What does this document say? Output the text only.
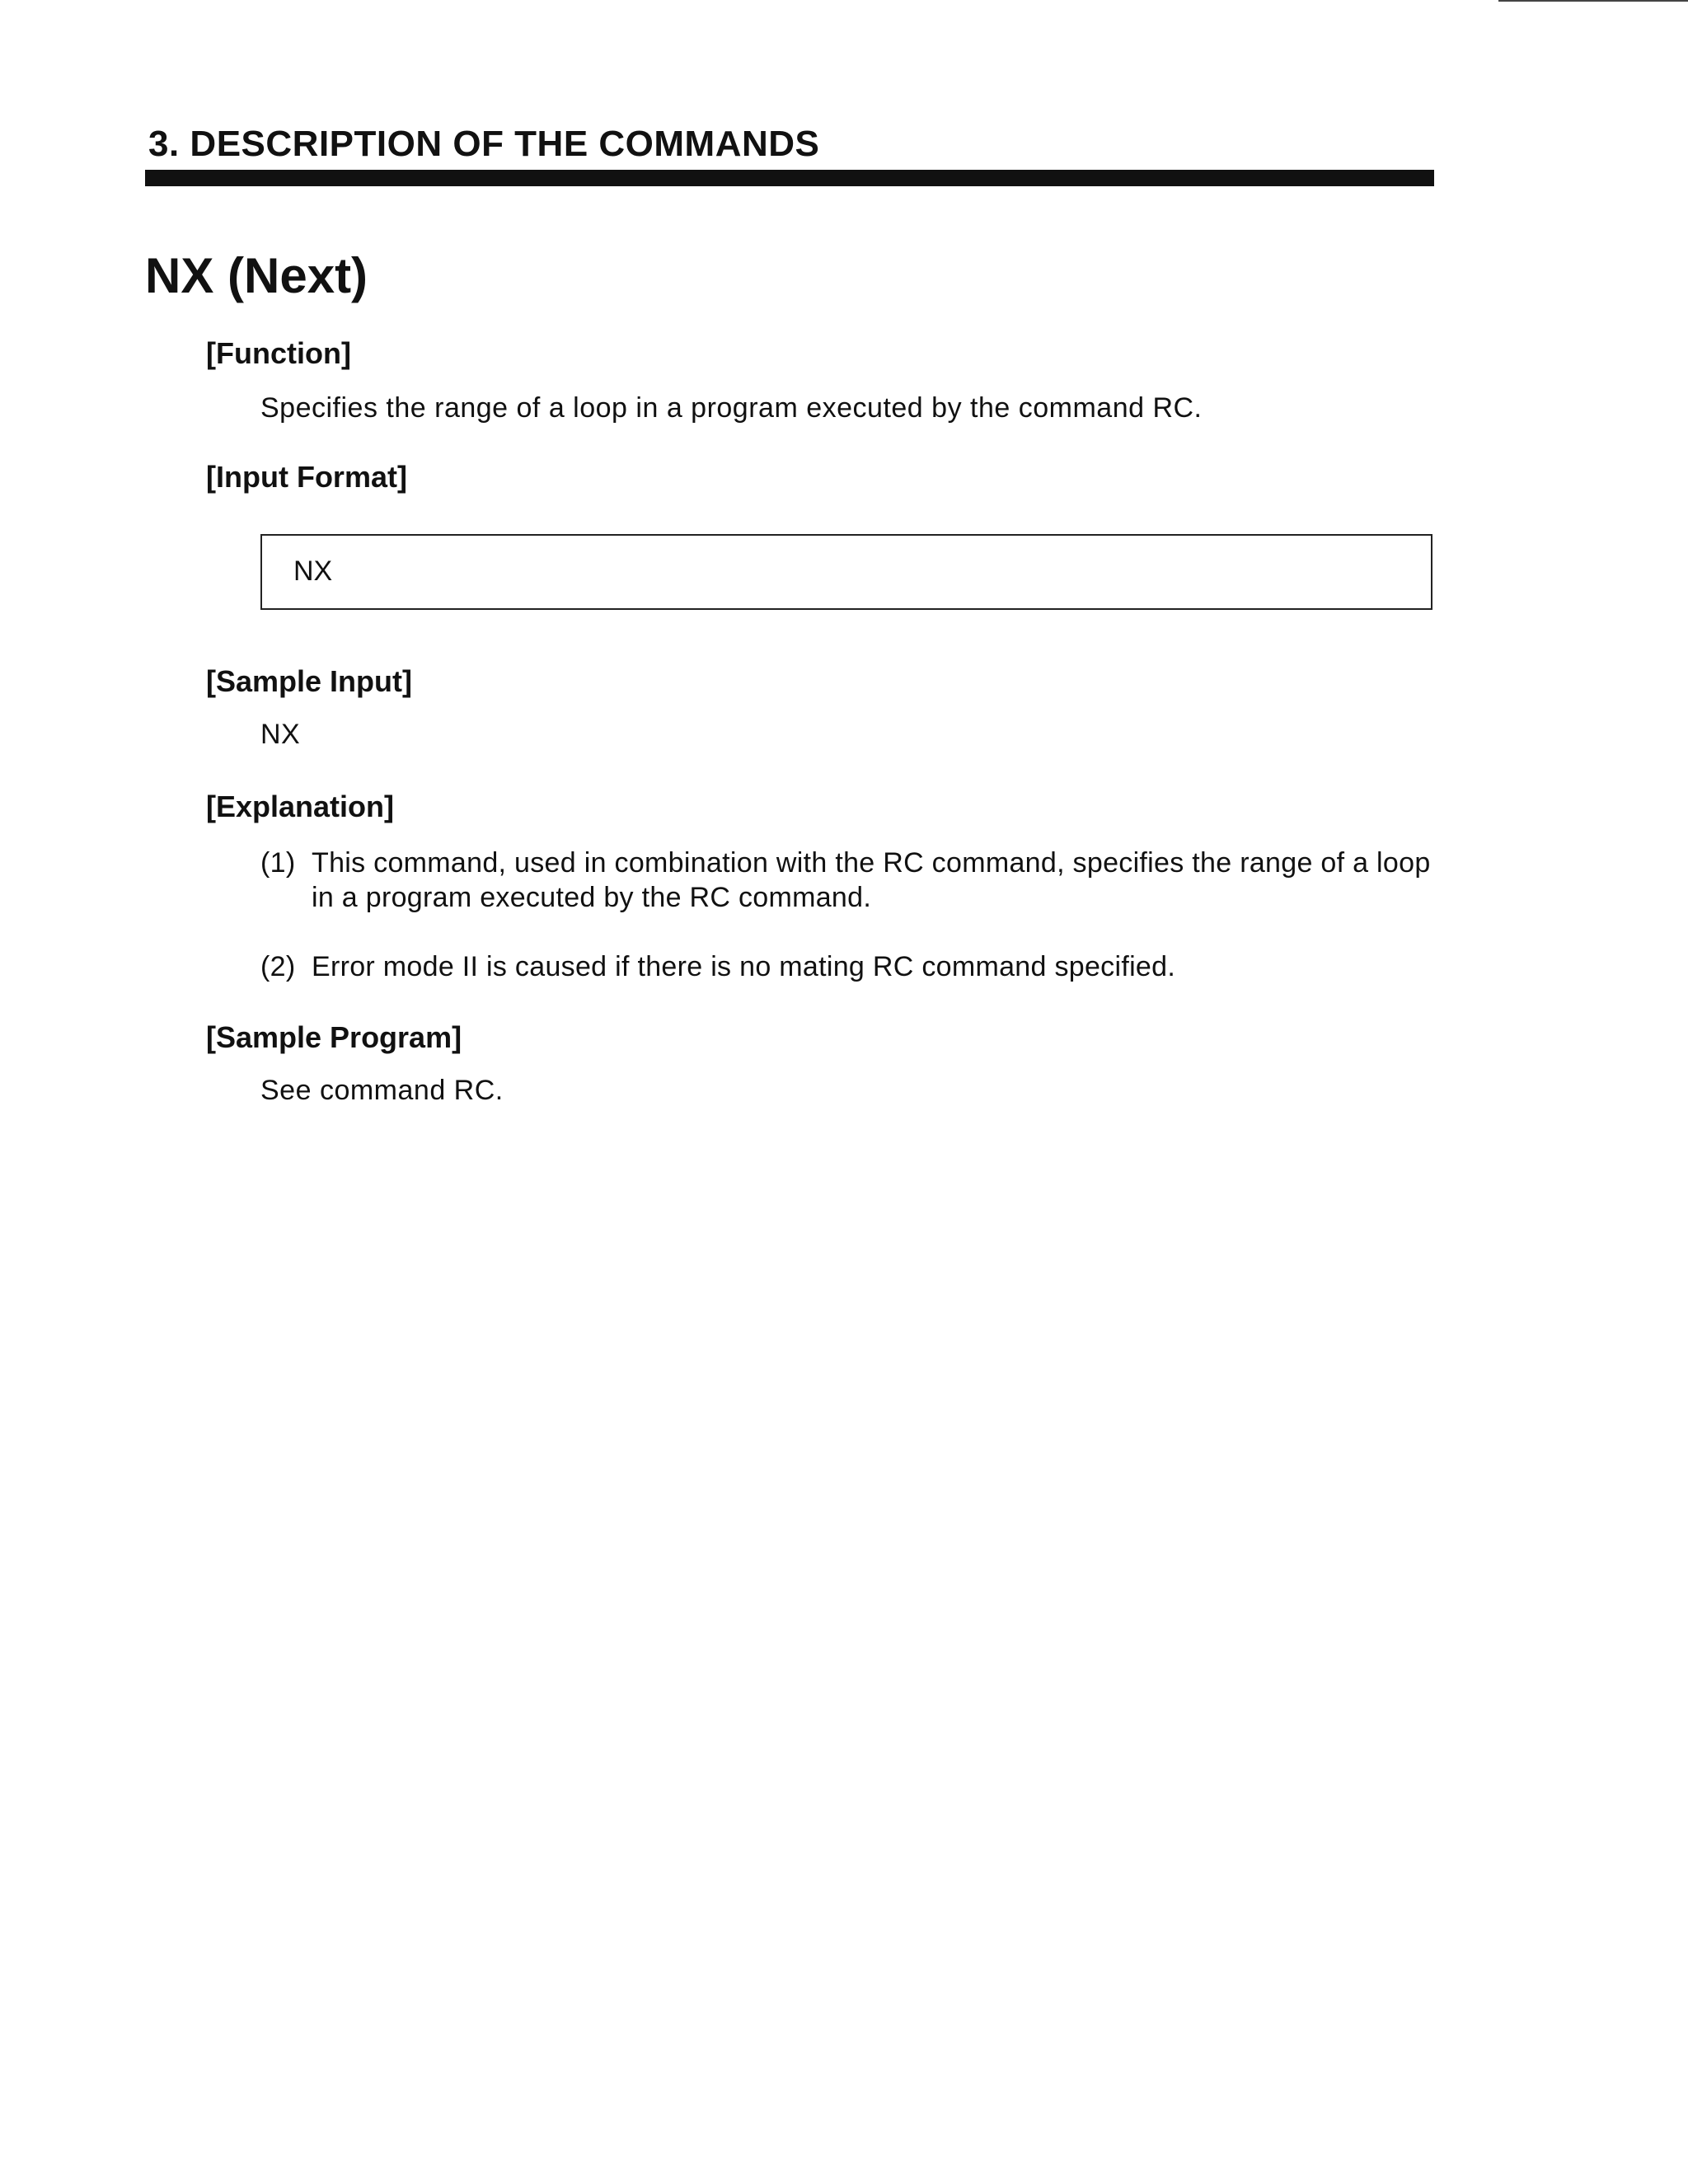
3. DESCRIPTION OF THE COMMANDS
NX (Next)
[Function]
Specifies the range of a loop in a program executed by the command RC.
[Input Format]
NX
[Sample Input]
NX
[Explanation]
(1) This command, used in combination with the RC command, specifies the range of a loop in a program executed by the RC command.
(2) Error mode II is caused if there is no mating RC command specified.
[Sample Program]
See command RC.
